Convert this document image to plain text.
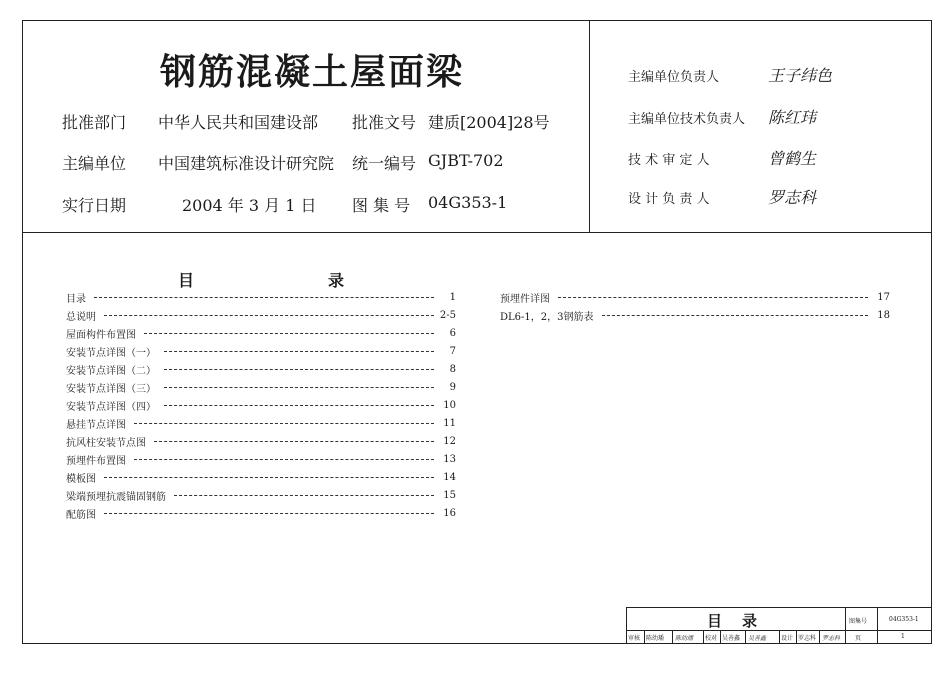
钢筋混凝土屋面梁
批准部门 中华人民共和国建设部 批准文号 建质[2004]28号
主编单位 中国建筑标准设计研究院 统一编号 GJBT-702
实行日期	2004 年 3 月 1 日 图 集 号 04G353-1
主编单位负责人	王子纬色
主编单位技术负责人 陈红玮
技 术 审 定 人	曾鹤生
设 计 负 责 人	罗志科
目	录
目录	1
总说明	2-5
屋面构件布置图	6
安装节点详图（一）	7
安装节点详图（二）	8
安装节点详图（三）	9
安装节点详图（四）	10
悬挂节点详图	11
抗风柱安装节点图	12
预埋件布置图	13
模板图	14
梁端预埋抗震锚固钢筋	15
配筋图	16
预埋件详图	17
DL6-1，2，3钢筋表	18
目录	图集号	04G353-1
页	1
审核 陈幼璠 陈幼璠 校对 吴善鑫 吴善鑫 设计 罗志科 罗志科
